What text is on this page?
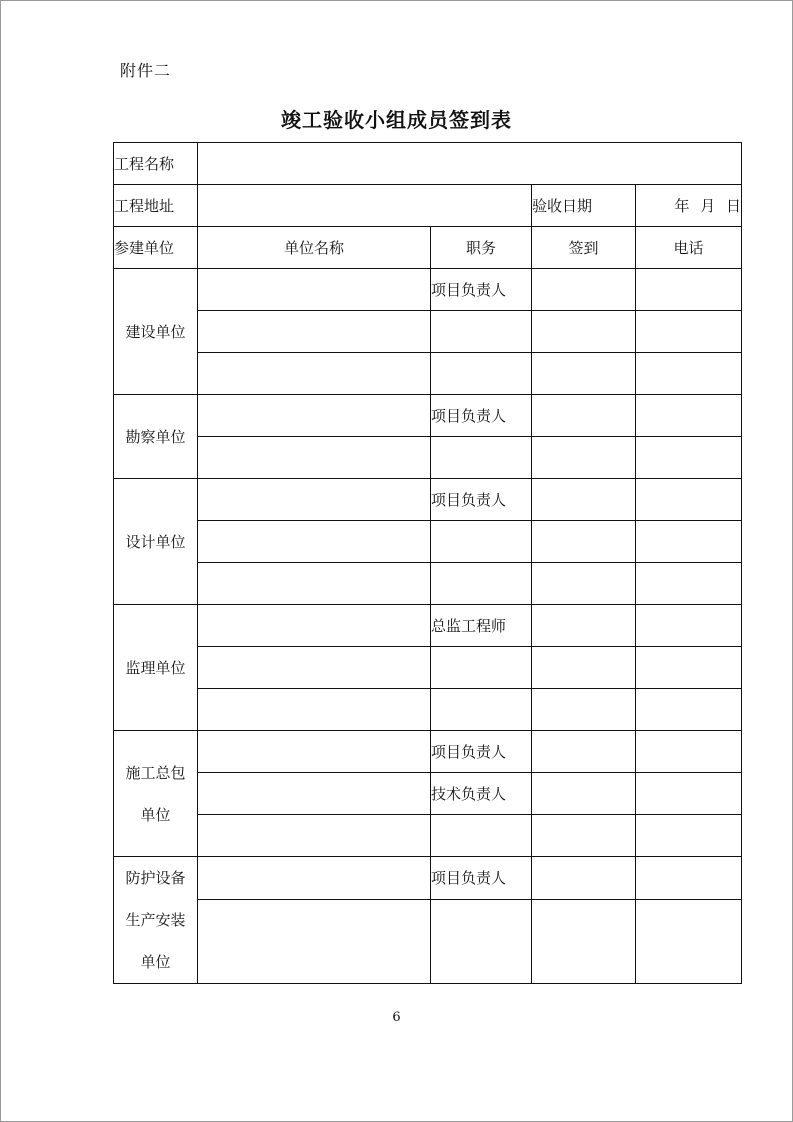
附件二
竣工验收小组成员签到表
工程名称				
工程地址			验收日期	年 月 日
参建单位	单位名称	职务	签到	电话

建设单位		项目负责人		

勘察单位		项目负责人		

设计单位		项目负责人		

监理单位		总监工程师		

施工总包
单位		项目负责人		
		技术负责人		

防护设备
生产安装
单位		项目负责人		

6
